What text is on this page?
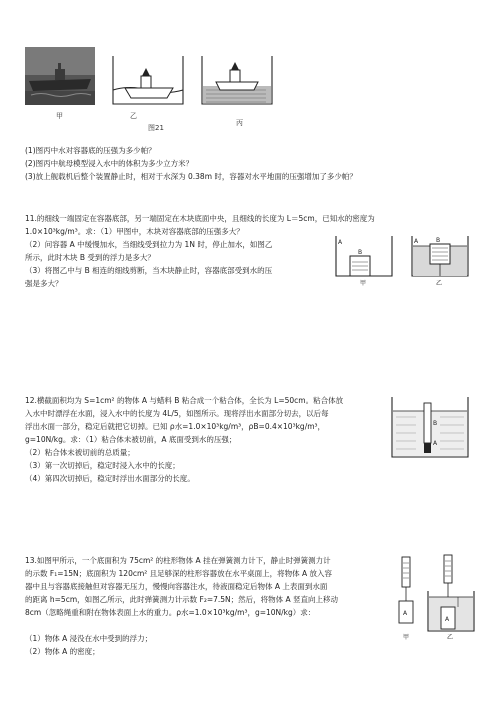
甲	乙
图21
丙
(1)图丙中水对容器底的压强为多少帕？
(2)图丙中航母模型浸入水中的体积为多少立方米？
(3)放上舰载机后整个装置静止时，相对于水深为 0.38m 时，容器对水平地面的压强增加了多少帕？
11.的细线一端固定在容器底部，另一端固定在木块底面中央，且细线的长度为 L＝5cm，已知水的密度为
1.0×10³kg/m³。求：（1）甲图中，木块对容器底部的压强多大？
（2）问容器 A 中缓慢加水，当细线受到拉力为 1N 时，停止加水，如图乙
所示，此时木块 B 受到的浮力是多大？
（3）将图乙中与 B 相连的细线剪断，当木块静止时，容器底部受到水的压
强是多大？
A
B
甲
A	B
乙
12.横截面积均为 S=1cm² 的物体 A 与蜡料 B 粘合成一个粘合体，全长为 L=50cm。粘合体放
入水中时漂浮在水面，浸入水中的长度为 4L/5，如图所示。现将浮出水面部分切去，以后每
浮出水面一部分，稳定后就把它切掉。已知 ρ水=1.0×10³kg/m³，ρB=0.4×10³kg/m³，
g=10N/kg。求：（1）粘合体未被切前，A 底面受到水的压强；
（2）粘合体未被切前的总质量；
（3）第一次切掉后，稳定时浸入水中的长度；
（4）第四次切掉后，稳定时浮出水面部分的长度。
A
B
13.如图甲所示，一个底面积为 75cm² 的柱形物体 A 挂在弹簧测力计下，静止时弹簧测力计
的示数 F₁=15N；底面积为 120cm² 且足够深的柱形容器放在水平桌面上，将物体 A 放入容
器中且与容器底接触但对容器无压力，慢慢向容器注水，待液面稳定后物体 A 上表面到水面
的距离 h=5cm，如图乙所示，此时弹簧测力计示数 F₂=7.5N；然后，将物体 A 竖直向上移动
8cm（忽略绳重和附在物体表面上水的重力。ρ水=1.0×10³kg/m³，g=10N/kg）求：
（1）物体 A 浸没在水中受到的浮力；
（2）物体 A 的密度；
A
甲
A
乙
